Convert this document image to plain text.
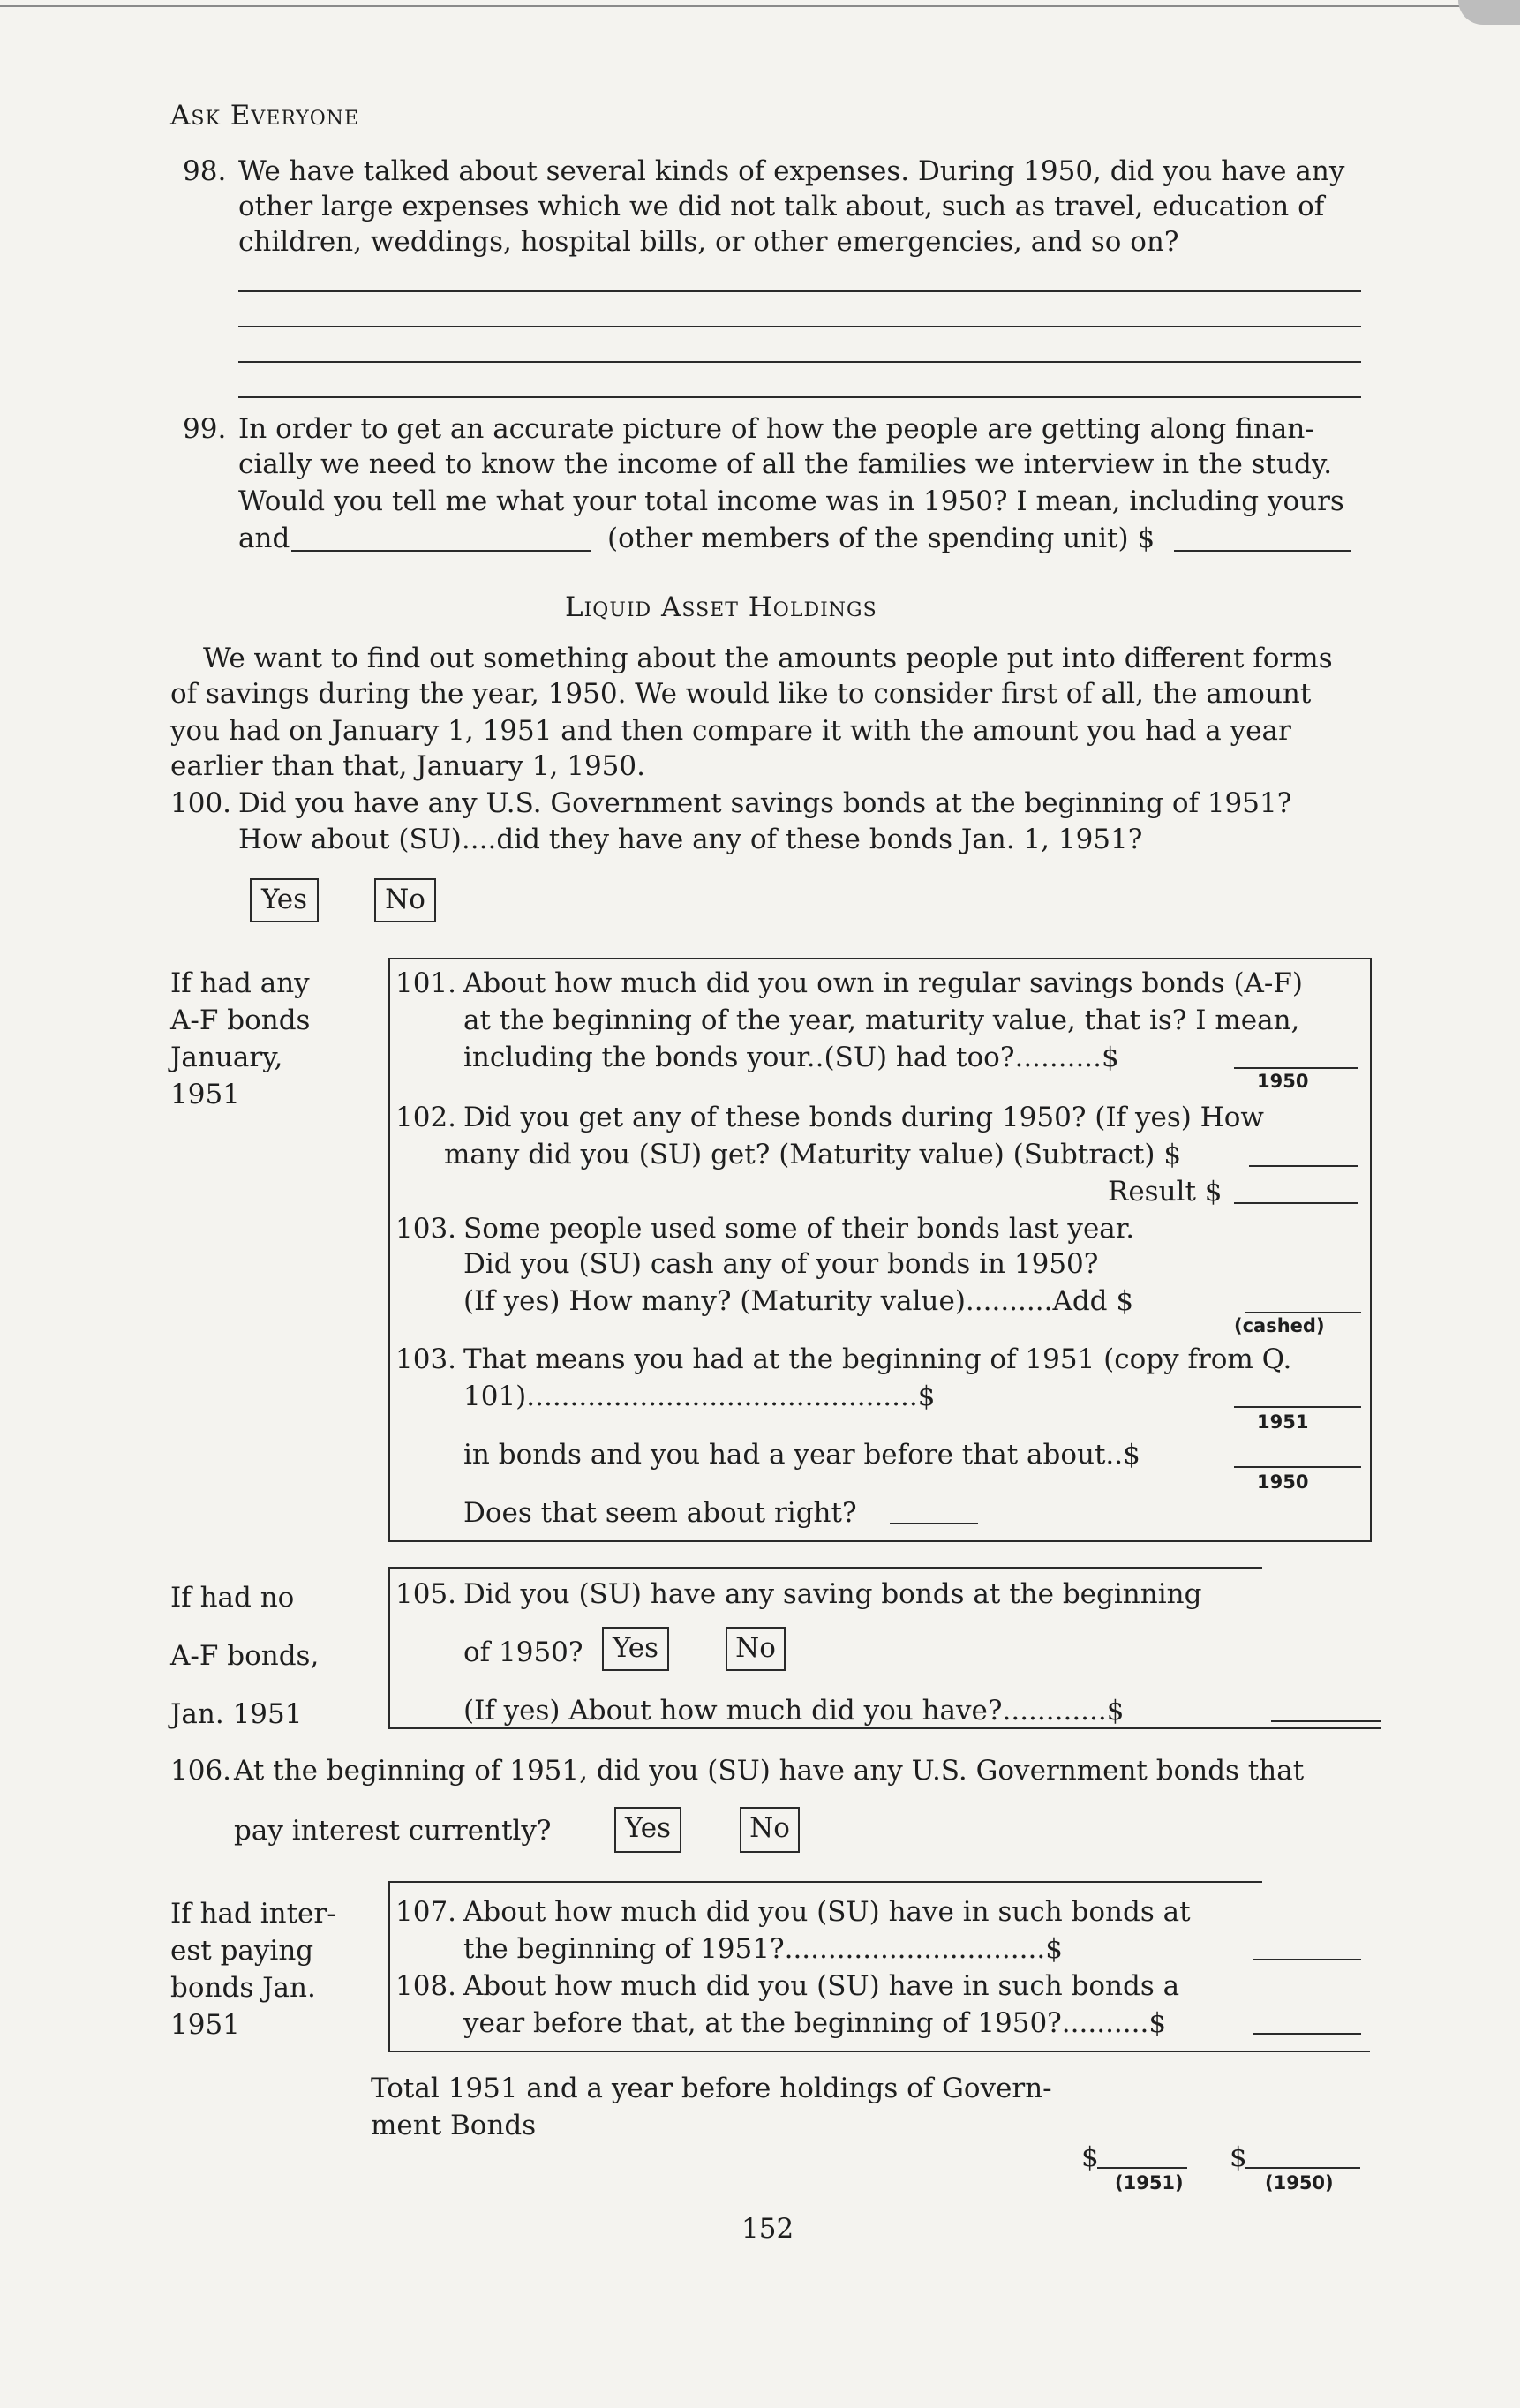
Ask Everyone
98. We have talked about several kinds of expenses. During 1950, did you have any
other large expenses which we did not talk about, such as travel, education of
children, weddings, hospital bills, or other emergencies, and so on?
99. In order to get an accurate picture of how the people are getting along finan-
cially we need to know the income of all the families we interview in the study.
Would you tell me what your total income was in 1950? I mean, including yours
and	(other members of the spending unit) $
Liquid Asset Holdings
We want to find out something about the amounts people put into different forms
of savings during the year, 1950. We would like to consider first of all, the amount
you had on January 1, 1951 and then compare it with the amount you had a year
earlier than that, January 1, 1950.
100. Did you have any U.S. Government savings bonds at the beginning of 1951?
How about (SU)....did they have any of these bonds Jan. 1, 1951?
Yes	No
If had any
A-F bonds
January,
1951
101. About how much did you own in regular savings bonds (A-F)
at the beginning of the year, maturity value, that is? I mean,
including the bonds your..(SU) had too?..........$
1950
102. Did you get any of these bonds during 1950? (If yes) How
many did you (SU) get? (Maturity value) (Subtract) $
Result $
103. Some people used some of their bonds last year.
Did you (SU) cash any of your bonds in 1950?
(If yes) How many? (Maturity value)..........Add $
(cashed)
103. That means you had at the beginning of 1951 (copy from Q.
101).............................................$
1951
in bonds and you had a year before that about..$
1950
Does that seem about right?
If had no
A-F bonds,
Jan. 1951
105. Did you (SU) have any saving bonds at the beginning
of 1950?	Yes	No
(If yes) About how much did you have?............$
106. At the beginning of 1951, did you (SU) have any U.S. Government bonds that
pay interest currently?	Yes	No
If had inter-
est paying
bonds Jan.
1951
107. About how much did you (SU) have in such bonds at
the beginning of 1951?..............................$
108. About how much did you (SU) have in such bonds a
year before that, at the beginning of 1950?..........$
Total 1951 and a year before holdings of Govern-
ment Bonds
$	$
(1951)	(1950)
152
